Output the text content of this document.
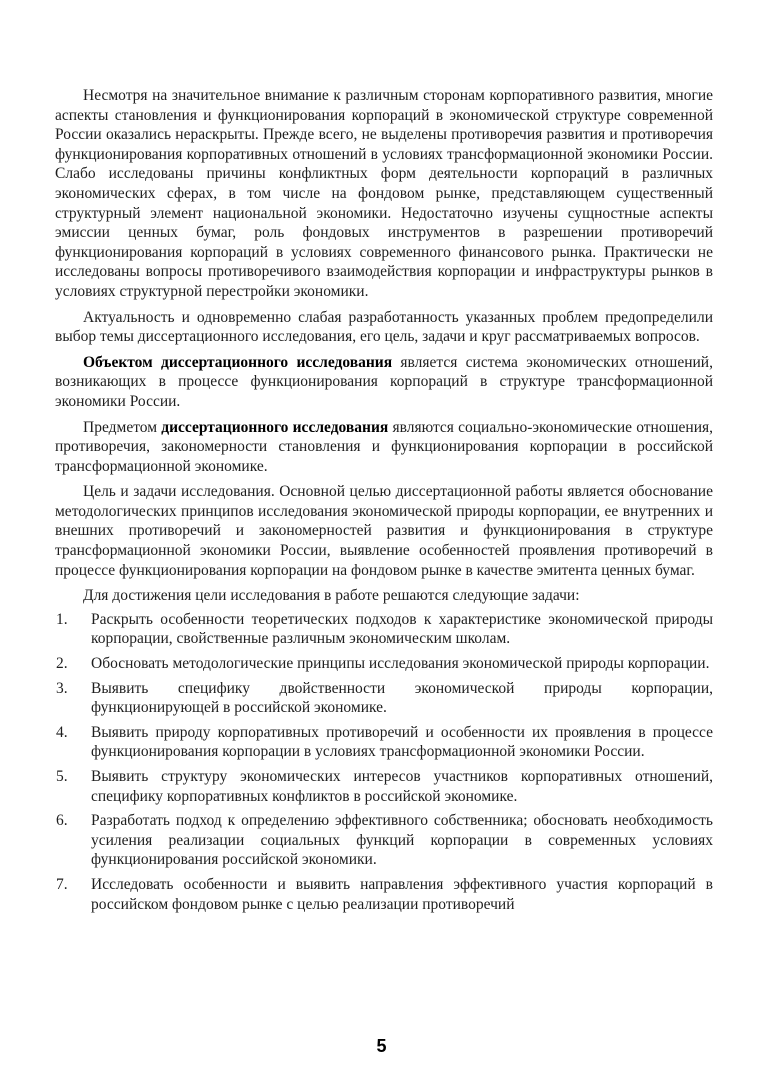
Несмотря на значительное внимание к различным сторонам корпоративного развития, многие аспекты становления и функционирования корпораций в экономической структуре современной России оказались нераскрыты. Прежде всего, не выделены противоречия развития и противоречия функционирования корпоративных отношений в условиях трансформационной экономики России. Слабо исследованы причины конфликтных форм деятельности корпораций в различных экономических сферах, в том числе на фондовом рынке, представляющем существенный структурный элемент национальной экономики. Недостаточно изучены сущностные аспекты эмиссии ценных бумаг, роль фондовых инструментов в разрешении противоречий функционирования корпораций в условиях современного финансового рынка. Практически не исследованы вопросы противоречивого взаимодействия корпорации и инфраструктуры рынков в условиях структурной перестройки экономики.

Актуальность и одновременно слабая разработанность указанных проблем предопределили выбор темы диссертационного исследования, его цель, задачи и круг рассматриваемых вопросов.

Объектом диссертационного исследования является система экономических отношений, возникающих в процессе функционирования корпораций в структуре трансформационной экономики России.

Предметом диссертационного исследования являются социально-экономические отношения, противоречия, закономерности становления и функционирования корпорации в российской трансформационной экономике.

Цель и задачи исследования. Основной целью диссертационной работы является обоснование методологических принципов исследования экономической природы корпорации, ее внутренних и внешних противоречий и закономерностей развития и функционирования в структуре трансформационной экономики России, выявление особенностей проявления противоречий в процессе функционирования корпорации на фондовом рынке в качестве эмитента ценных бумаг.

Для достижения цели исследования в работе решаются следующие задачи:

1.	Раскрыть особенности теоретических подходов к характеристике экономической природы корпорации, свойственные различным экономическим школам.
2.	Обосновать методологические принципы исследования экономической природы корпорации.
3.	Выявить специфику двойственности экономической природы корпорации, функционирующей в российской экономике.
4.	Выявить природу корпоративных противоречий и особенности их проявления в процессе функционирования корпорации в условиях трансформационной экономики России.
5.	Выявить структуру экономических интересов участников корпоративных отношений, специфику корпоративных конфликтов в российской экономике.
6.	Разработать подход к определению эффективного собственника; обосновать необходимость усиления реализации социальных функций корпорации в современных условиях функционирования российской экономики.
7.	Исследовать особенности и выявить направления эффективного участия корпораций в российском фондовом рынке с целью реализации противоречий
5
